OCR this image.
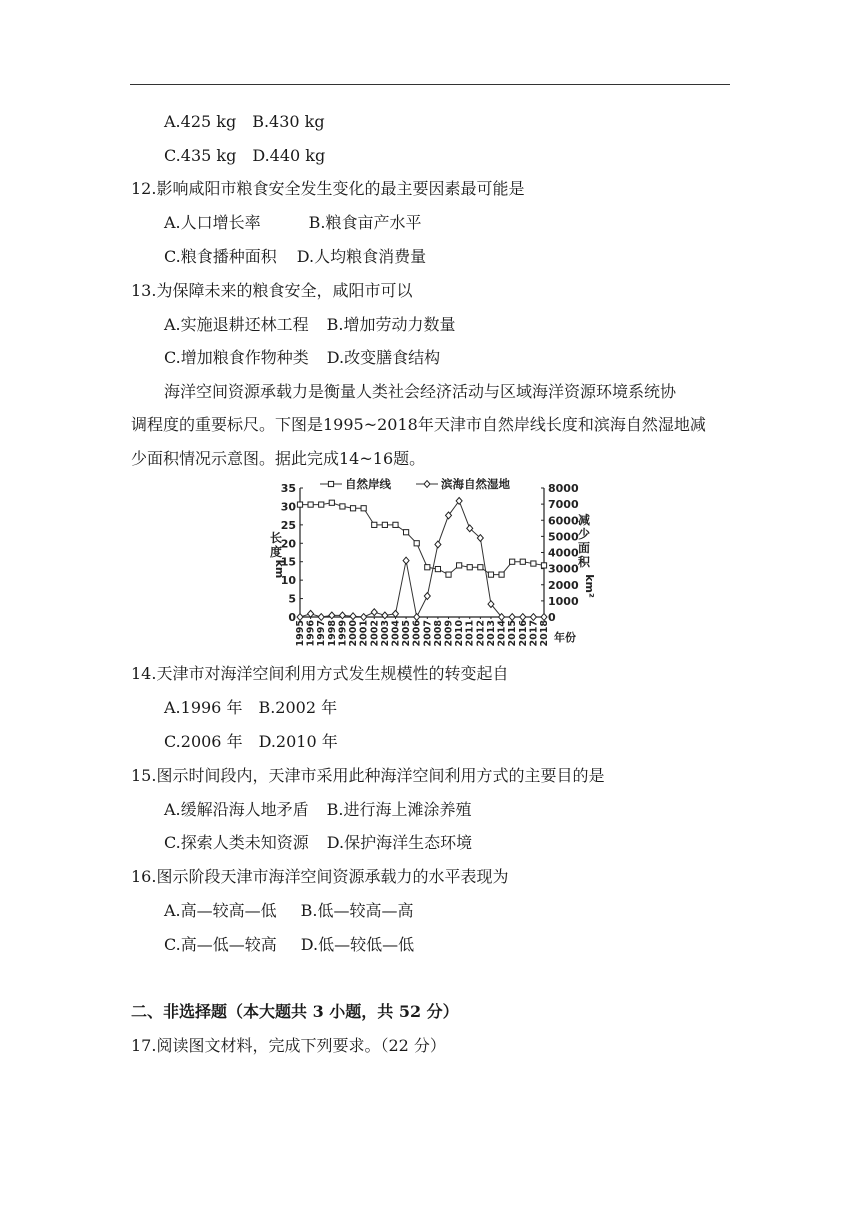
A.425 kg B.430 kg
C.435 kg D.440 kg
12.影响咸阳市粮食安全发生变化的最主要因素最可能是
A.人口增长率	B.粮食亩产水平
C.粮食播种面积 D.人均粮食消费量
13.为保障未来的粮食安全，咸阳市可以
A.实施退耕还林工程 B.增加劳动力数量
C.增加粮食作物种类 D.改变膳食结构
海洋空间资源承载力是衡量人类社会经济活动与区域海洋资源环境系统协
调程度的重要标尺。下图是1995~2018年天津市自然岸线长度和滨海自然湿地减
少面积情况示意图。据此完成14~16题。
35
30
25
20
15
10
5
0
8000
7000
6000
5000
4000
3000
2000
1000
0
长
度
km
减
少
面
积
km²
1995 1996 1997 1998 1999 2000 2001 2002 2003 2004 2005 2006 2007 2008 2009 2010 2011 2012 2013 2014 2015 2016 2017 2018 年份
自然岸线	滨海自然湿地
14.天津市对海洋空间利用方式发生规模性的转变起自
A.1996 年 B.2002 年
C.2006 年 D.2010 年
15.图示时间段内，天津市采用此种海洋空间利用方式的主要目的是
A.缓解沿海人地矛盾 B.进行海上滩涂养殖
C.探索人类未知资源 D.保护海洋生态环境
16.图示阶段天津市海洋空间资源承载力的水平表现为
A.高—较高—低 B.低—较高—高
C.高—低—较高 D.低—较低—低
二、非选择题（本大题共 3 小题，共 52 分）
17.阅读图文材料，完成下列要求。（22 分）
